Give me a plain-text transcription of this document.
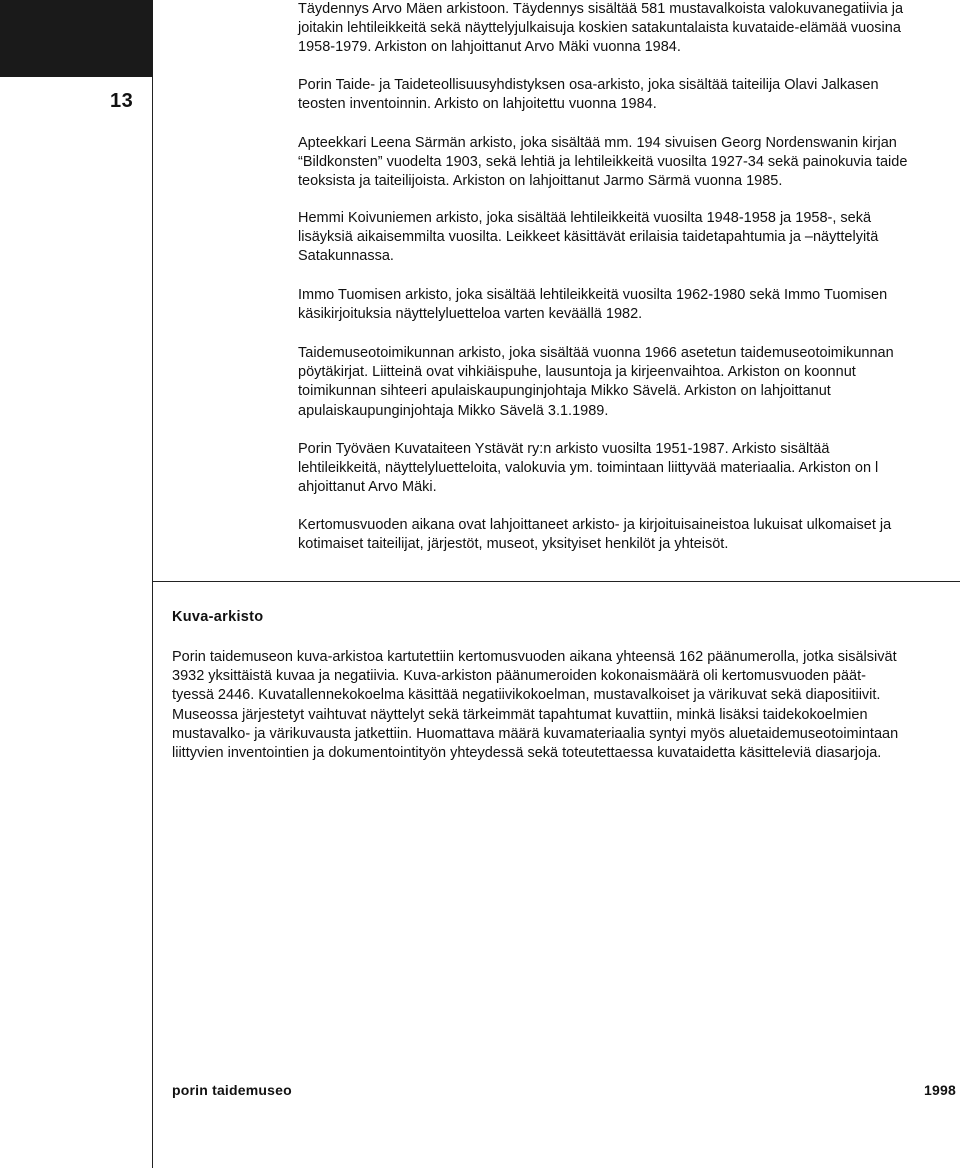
13

Täydennys Arvo Mäen arkistoon. Täydennys sisältää 581 mustavalkoista valokuvanegatiivia ja
joitakin lehtileikkeitä sekä näyttelyjulkaisuja koskien satakuntalaista kuvataide-elämää vuosina
1958-1979. Arkiston on lahjoittanut Arvo Mäki vuonna 1984.

Porin Taide- ja Taideteollisuusyhdistyksen osa-arkisto, joka sisältää taiteilija Olavi Jalkasen
teosten inventoinnin. Arkisto on lahjoitettu vuonna 1984.

Apteekkari Leena Särmän arkisto, joka sisältää mm. 194 sivuisen Georg Nordenswanin kirjan
“Bildkonsten” vuodelta 1903, sekä lehtiä ja lehtileikkeitä vuosilta 1927-34 sekä painokuvia taide
teoksista ja taiteilijoista. Arkiston on lahjoittanut Jarmo Särmä vuonna 1985.

Hemmi Koivuniemen arkisto, joka sisältää lehtileikkeitä vuosilta 1948-1958 ja 1958-, sekä
lisäyksiä aikaisemmilta vuosilta. Leikkeet käsittävät erilaisia taidetapahtumia ja –näyttelyitä
Satakunnassa.

Immo Tuomisen arkisto, joka sisältää lehtileikkeitä vuosilta 1962-1980 sekä Immo Tuomisen
käsikirjoituksia näyttelyluetteloa varten keväällä 1982.

Taidemuseotoimikunnan arkisto, joka sisältää vuonna 1966 asetetun taidemuseotoimikunnan
pöytäkirjat. Liitteinä ovat vihkiäispuhe, lausuntoja ja kirjeenvaihtoa. Arkiston on koonnut
toimikunnan sihteeri apulaiskaupunginjohtaja Mikko Sävelä. Arkiston on lahjoittanut
apulaiskaupunginjohtaja Mikko Sävelä 3.1.1989.

Porin Työväen Kuvataiteen Ystävät ry:n arkisto vuosilta 1951-1987. Arkisto sisältää
lehtileikkeitä, näyttelyluetteloita, valokuvia ym. toimintaan liittyvää materiaalia. Arkiston on l
ahjoittanut Arvo Mäki.

Kertomusvuoden aikana ovat lahjoittaneet arkisto- ja kirjoituisaineistoa lukuisat ulkomaiset ja
kotimaiset taiteilijat, järjestöt, museot, yksityiset henkilöt ja yhteisöt.

Kuva-arkisto

Porin taidemuseon kuva-arkistoa kartutettiin kertomusvuoden aikana yhteensä 162 päänumerolla, jotka sisälsivät
3932 yksittäistä kuvaa ja negatiivia. Kuva-arkiston päänumeroiden kokonaismäärä oli kertomusvuoden päät-
tyessä 2446. Kuvatallennekokoelma käsittää negatiivikokoelman, mustavalkoiset ja värikuvat sekä diapositiivit.
Museossa järjestetyt vaihtuvat näyttelyt sekä tärkeimmät tapahtumat kuvattiin, minkä lisäksi taidekokoelmien
mustavalko- ja värikuvausta jatkettiin. Huomattava määrä kuvamateriaalia syntyi myös aluetaidemuseotoimintaan
liittyvien inventointien ja dokumentointityön yhteydessä sekä toteutettaessa kuvataidetta käsitteleviä diasarjoja.

porin taidemuseo	1998
